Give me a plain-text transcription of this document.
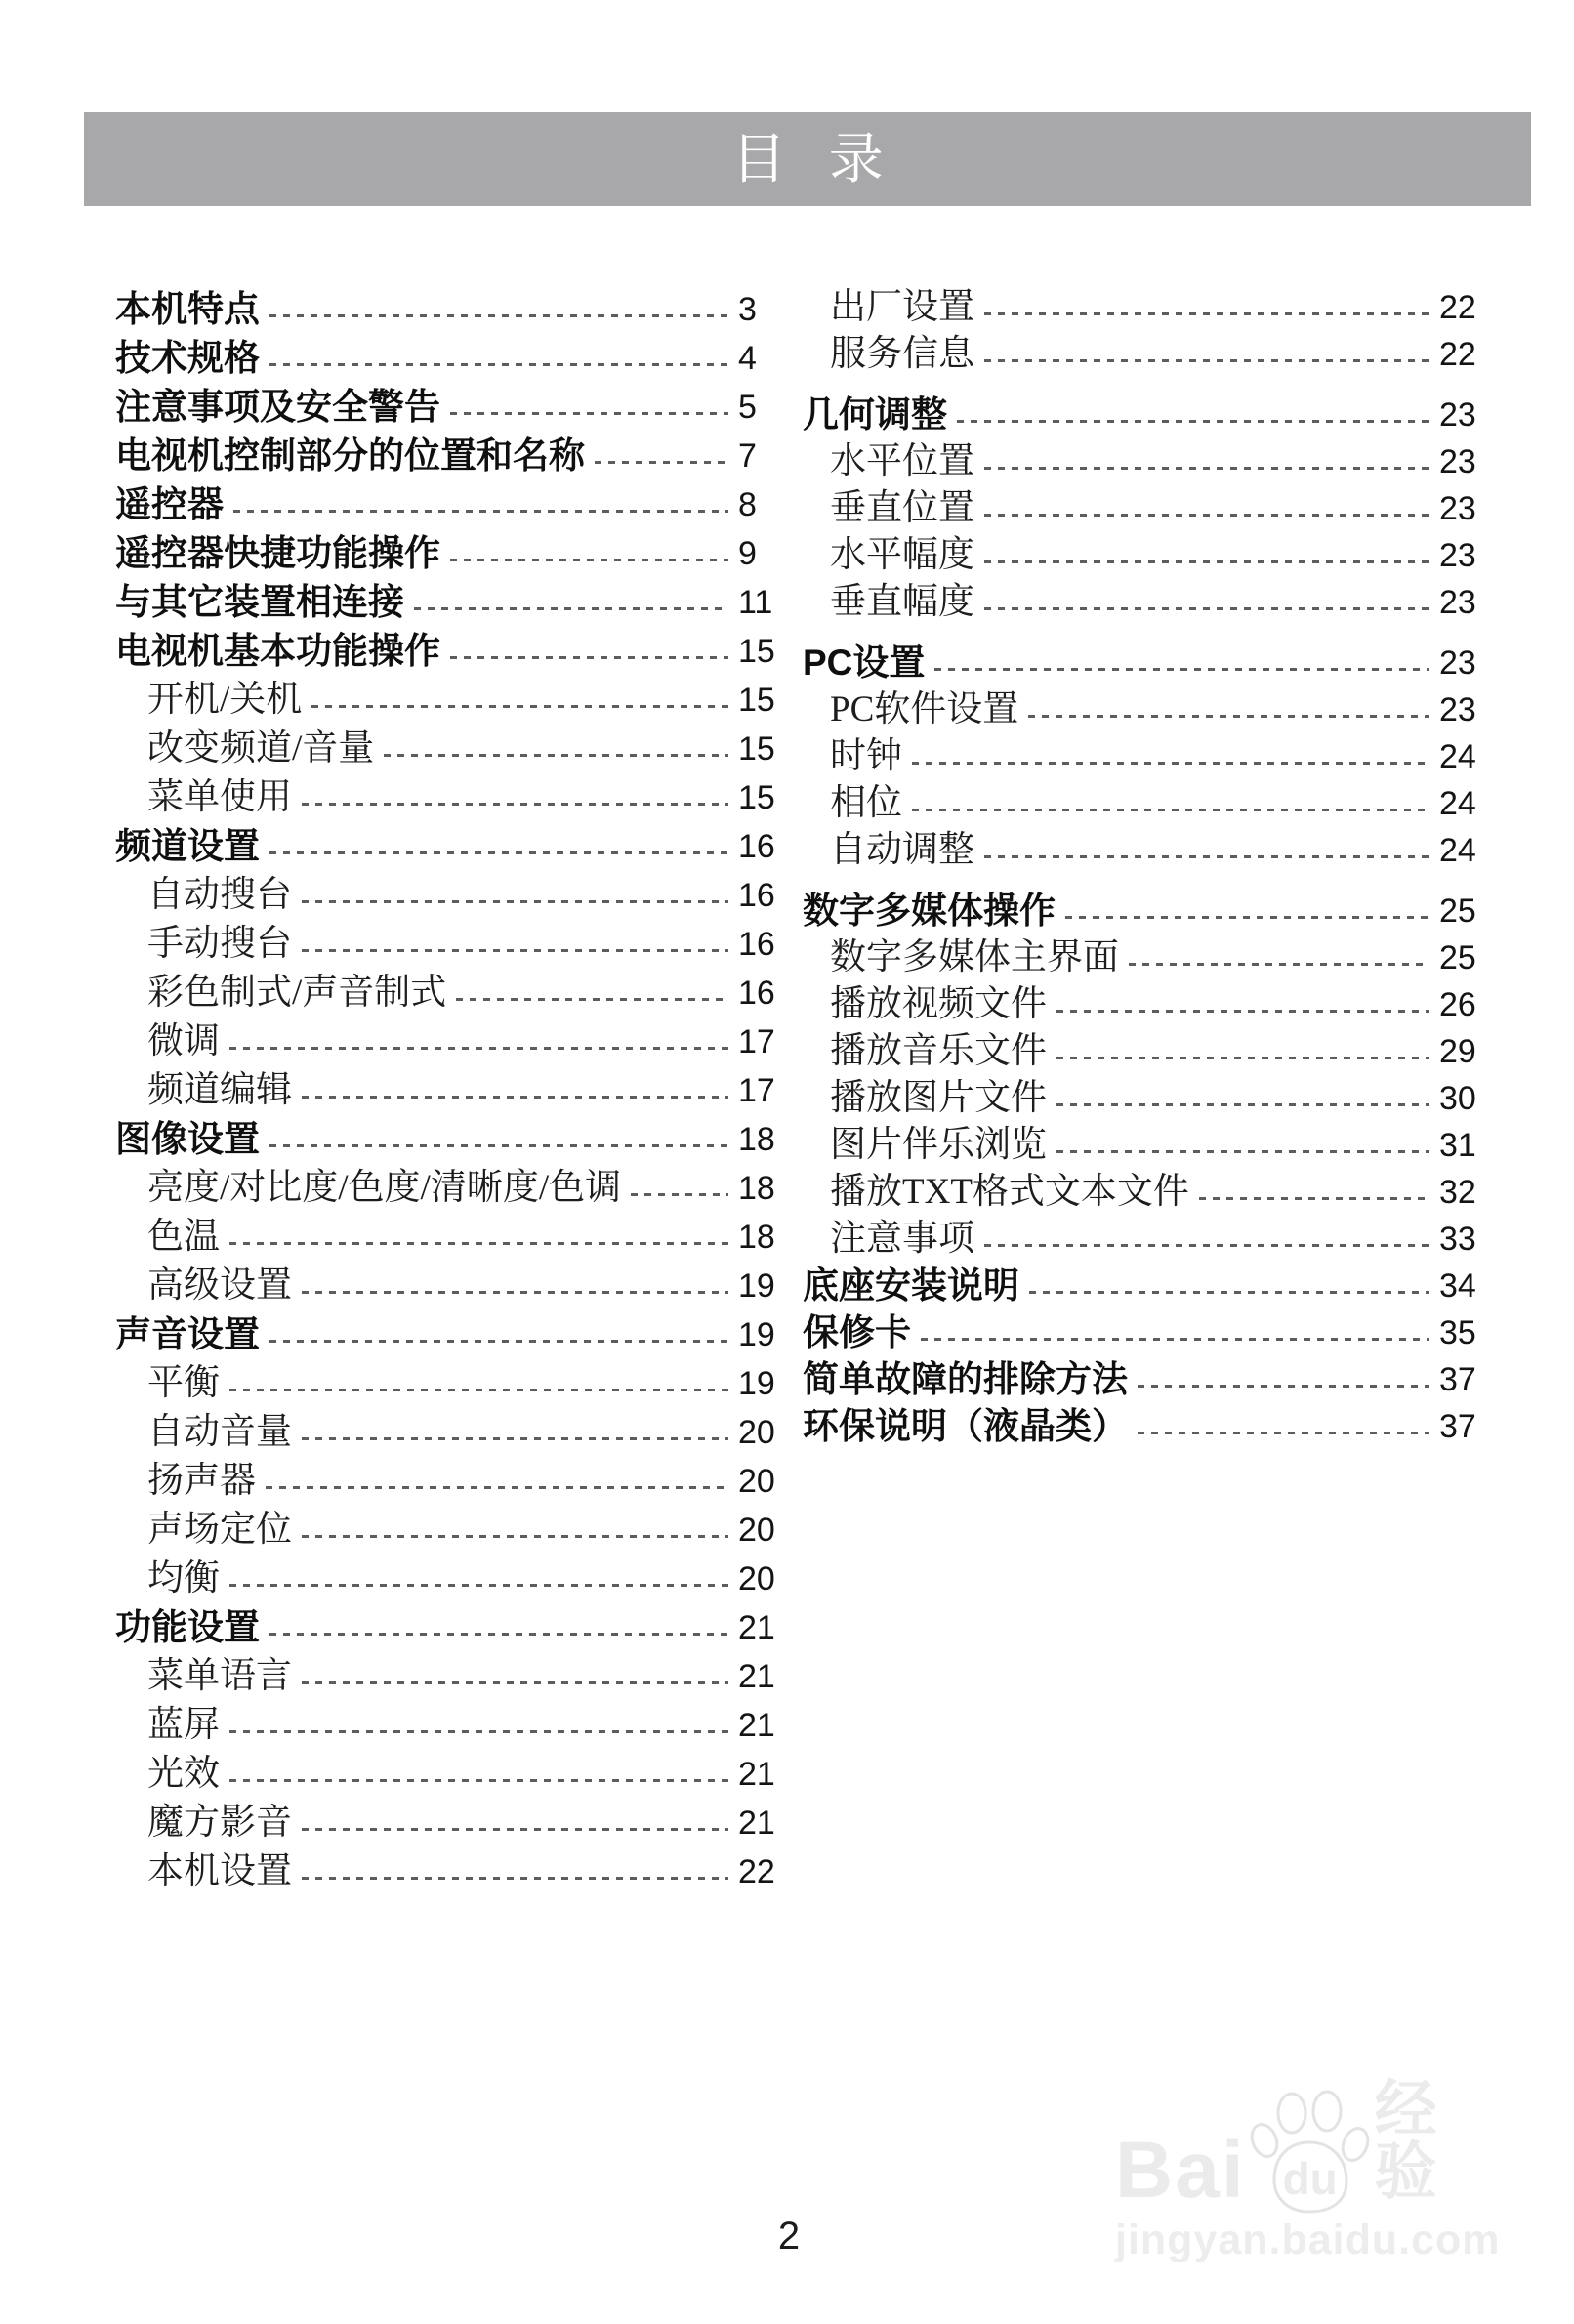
目 录
本机特点	3
技术规格	4
注意事项及安全警告	5
电视机控制部分的位置和名称	7
遥控器	8
遥控器快捷功能操作	9
与其它装置相连接	11
电视机基本功能操作	15
开机/关机	15
改变频道/音量	15
菜单使用	15
频道设置	16
自动搜台	16
手动搜台	16
彩色制式/声音制式	16
微调	17
频道编辑	17
图像设置	18
亮度/对比度/色度/清晰度/色调	18
色温	18
高级设置	19
声音设置	19
平衡	19
自动音量	20
扬声器	20
声场定位	20
均衡	20
功能设置	21
菜单语言	21
蓝屏	21
光效	21
魔方影音	21
本机设置	22
出厂设置	22
服务信息	22
几何调整	23
水平位置	23
垂直位置	23
水平幅度	23
垂直幅度	23
PC设置	23
PC软件设置	23
时钟	24
相位	24
自动调整	24
数字多媒体操作	25
数字多媒体主界面	25
播放视频文件	26
播放音乐文件	29
播放图片文件	30
图片伴乐浏览	31
播放TXT格式文本文件	32
注意事项	33
底座安装说明	34
保修卡	35
简单故障的排除方法	37
环保说明（液晶类）	37
2
Bai du
经验
jingyan.baidu.com
